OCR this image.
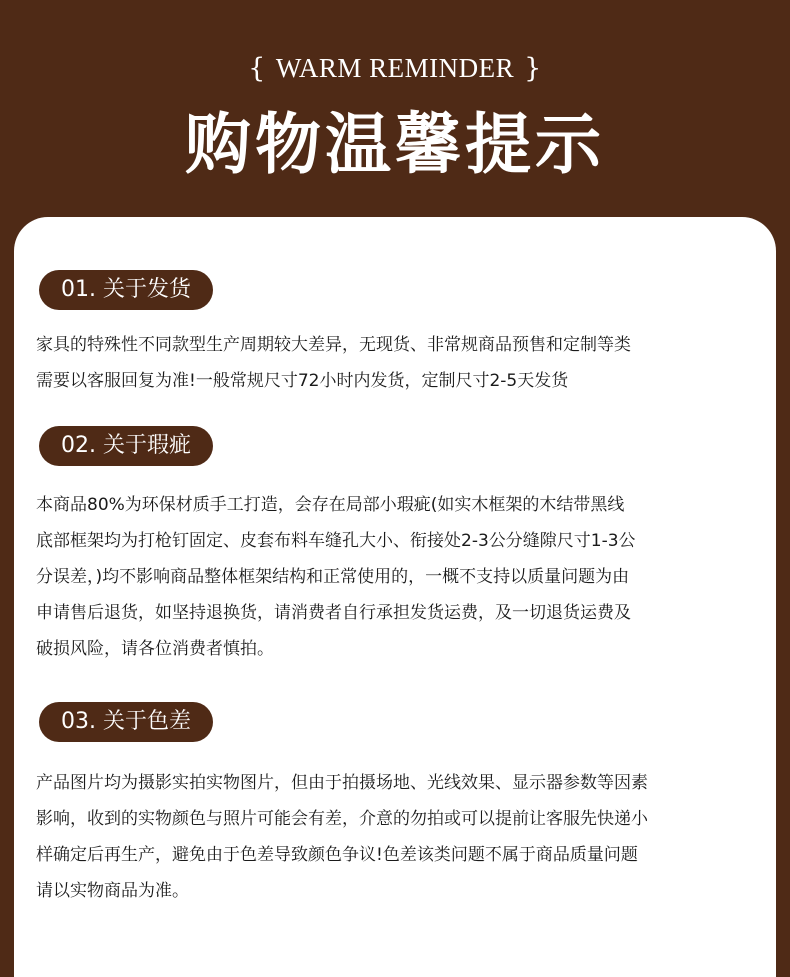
{ WARM REMINDER }
购物温馨提示
01. 关于发货

家具的特殊性不同款型生产周期较大差异，无现货、非常规商品预售和定制等类

需要以客服回复为准!一般常规尺寸72小时内发货，定制尺寸2-5天发货

02. 关于瑕疵

本商品80%为环保材质手工打造，会存在局部小瑕疵(如实木框架的木结带黑线

底部框架均为打枪钉固定、皮套布料车缝孔大小、衔接处2-3公分缝隙尺寸1-3公

分误差，)均不影响商品整体框架结构和正常使用的，一概不支持以质量问题为由

申请售后退货，如坚持退换货，请消费者自行承担发货运费，及一切退货运费及

破损风险，请各位消费者慎拍。

03. 关于色差

产品图片均为摄影实拍实物图片，但由于拍摄场地、光线效果、显示器参数等因素

影响，收到的实物颜色与照片可能会有差，介意的勿拍或可以提前让客服先快递小

样确定后再生产，避免由于色差导致颜色争议!色差该类问题不属于商品质量问题

请以实物商品为准。
